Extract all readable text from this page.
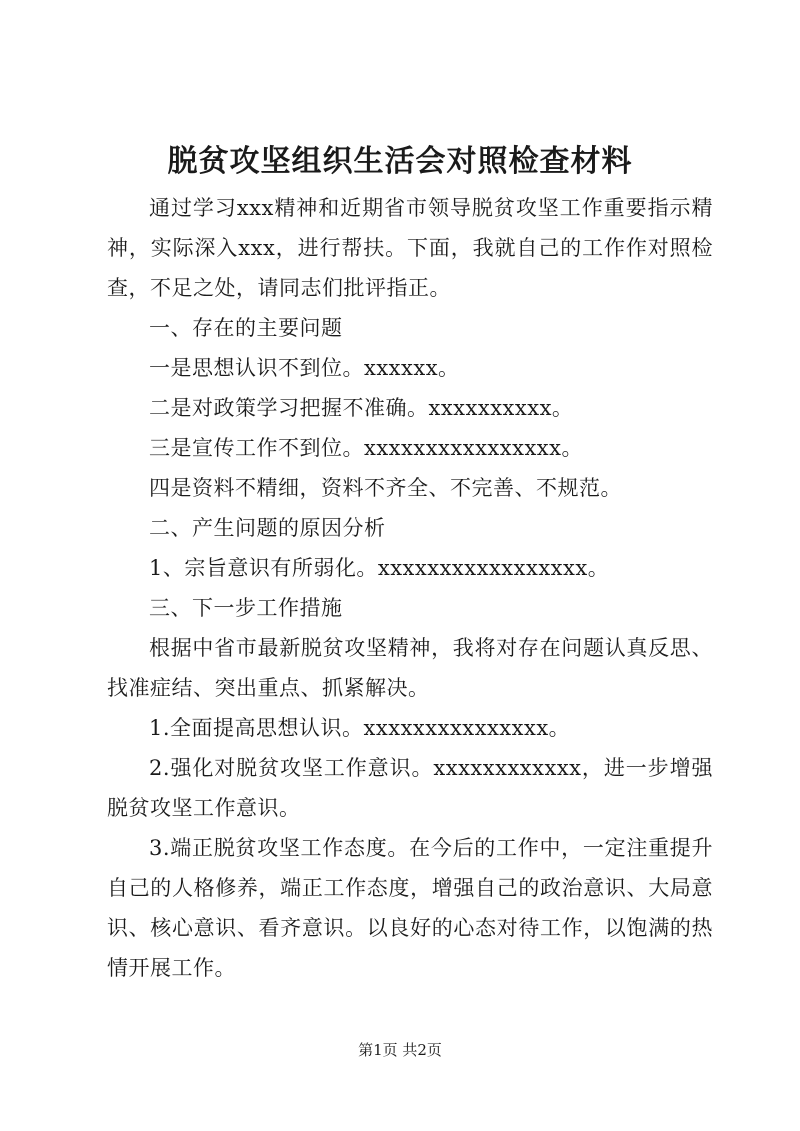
脱贫攻坚组织生活会对照检查材料

通过学习xxx精神和近期省市领导脱贫攻坚工作重要指示精神，实际深入xxx，进行帮扶。下面，我就自己的工作作对照检查，不足之处，请同志们批评指正。

一、存在的主要问题

一是思想认识不到位。xxxxxx。

二是对政策学习把握不准确。xxxxxxxxxx。

三是宣传工作不到位。xxxxxxxxxxxxxxxx。

四是资料不精细，资料不齐全、不完善、不规范。

二、产生问题的原因分析

1、宗旨意识有所弱化。xxxxxxxxxxxxxxxxx。

三、下一步工作措施

根据中省市最新脱贫攻坚精神，我将对存在问题认真反思、找准症结、突出重点、抓紧解决。

1.全面提高思想认识。xxxxxxxxxxxxxxx。

2.强化对脱贫攻坚工作意识。xxxxxxxxxxxx，进一步增强脱贫攻坚工作意识。

3.端正脱贫攻坚工作态度。在今后的工作中，一定注重提升自己的人格修养，端正工作态度，增强自己的政治意识、大局意识、核心意识、看齐意识。以良好的心态对待工作，以饱满的热情开展工作。

第1页 共2页
